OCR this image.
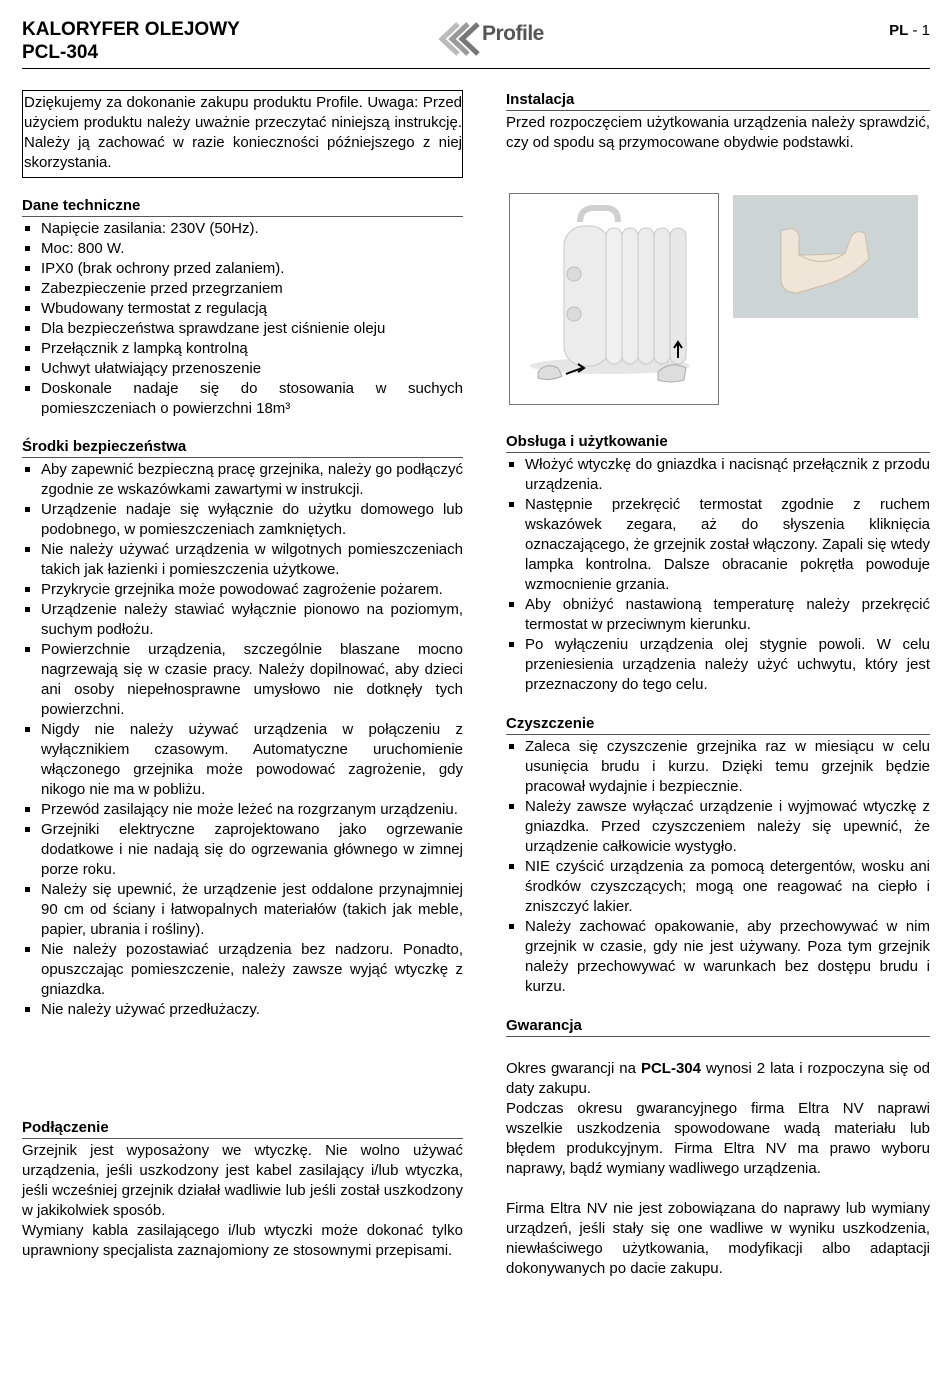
KALORYFER OLEJOWY
PCL-304
Profile	PL - 1

Dziękujemy za dokonanie zakupu produktu Profile. Uwaga: Przed użyciem produktu należy uważnie przeczytać niniejszą instrukcję. Należy ją zachować w razie konieczności późniejszego z niej skorzystania.

Dane techniczne
Napięcie zasilania: 230V (50Hz).
Moc: 800 W.
IPX0 (brak ochrony przed zalaniem).
Zabezpieczenie przed przegrzaniem
Wbudowany termostat z regulacją
Dla bezpieczeństwa sprawdzane jest ciśnienie oleju
Przełącznik z lampką kontrolną
Uchwyt ułatwiający przenoszenie
Doskonale nadaje się do stosowania w suchych pomieszczeniach o powierzchni 18m³
Środki bezpieczeństwa
Aby zapewnić bezpieczną pracę grzejnika, należy go podłączyć zgodnie ze wskazówkami zawartymi w instrukcji.
Urządzenie nadaje się wyłącznie do użytku domowego lub podobnego, w pomieszczeniach zamkniętych.
Nie należy używać urządzenia w wilgotnych pomieszczeniach takich jak łazienki i pomieszczenia użytkowe.
Przykrycie grzejnika może powodować zagrożenie pożarem.
Urządzenie należy stawiać wyłącznie pionowo na poziomym, suchym podłożu.
Powierzchnie urządzenia, szczególnie blaszane mocno nagrzewają się w czasie pracy. Należy dopilnować, aby dzieci ani osoby niepełnosprawne umysłowo nie dotknęły tych powierzchni.
Nigdy nie należy używać urządzenia w połączeniu z wyłącznikiem czasowym. Automatyczne uruchomienie włączonego grzejnika może powodować zagrożenie, gdy nikogo nie ma w pobliżu.
Przewód zasilający nie może leżeć na rozgrzanym urządzeniu.
Grzejniki elektryczne zaprojektowano jako ogrzewanie dodatkowe i nie nadają się do ogrzewania głównego w zimnej porze roku.
Należy się upewnić, że urządzenie jest oddalone przynajmniej 90 cm od ściany i łatwopalnych materiałów (takich jak meble, papier, ubrania i rośliny).
Nie należy pozostawiać urządzenia bez nadzoru. Ponadto, opuszczając pomieszczenie, należy zawsze wyjąć wtyczkę z gniazdka.
Nie należy używać przedłużaczy.
Podłączenie

Grzejnik jest wyposażony we wtyczkę. Nie wolno używać urządzenia, jeśli uszkodzony jest kabel zasilający i/lub wtyczka, jeśli wcześniej grzejnik działał wadliwie lub jeśli został uszkodzony w jakikolwiek sposób.

Wymiany kabla zasilającego i/lub wtyczki może dokonać tylko uprawniony specjalista zaznajomiony ze stosownymi przepisami.

Instalacja

Przed rozpoczęciem użytkowania urządzenia należy sprawdzić, czy od spodu są przymocowane obydwie podstawki.

Obsługa i użytkowanie
Włożyć wtyczkę do gniazdka i nacisnąć przełącznik z przodu urządzenia.
Następnie przekręcić termostat zgodnie z ruchem wskazówek zegara, aż do słyszenia kliknięcia oznaczającego, że grzejnik został włączony. Zapali się wtedy lampka kontrolna. Dalsze obracanie pokrętła powoduje wzmocnienie grzania.
Aby obniżyć nastawioną temperaturę należy przekręcić termostat w przeciwnym kierunku.
Po wyłączeniu urządzenia olej stygnie powoli. W celu przeniesienia urządzenia należy użyć uchwytu, który jest przeznaczony do tego celu.
Czyszczenie
Zaleca się czyszczenie grzejnika raz w miesiącu w celu usunięcia brudu i kurzu. Dzięki temu grzejnik będzie pracował wydajnie i bezpiecznie.
Należy zawsze wyłączać urządzenie i wyjmować wtyczkę z gniazdka. Przed czyszczeniem należy się upewnić, że urządzenie całkowicie wystygło.
NIE czyścić urządzenia za pomocą detergentów, wosku ani środków czyszczących; mogą one reagować na ciepło i zniszczyć lakier.
Należy zachować opakowanie, aby przechowywać w nim grzejnik w czasie, gdy nie jest używany. Poza tym grzejnik należy przechowywać w warunkach bez dostępu brudu i kurzu.
Gwarancja

Okres gwarancji na PCL-304 wynosi 2 lata i rozpoczyna się od daty zakupu.

Podczas okresu gwarancyjnego firma Eltra NV naprawi wszelkie uszkodzenia spowodowane wadą materiału lub błędem produkcyjnym. Firma Eltra NV ma prawo wyboru naprawy, bądź wymiany wadliwego urządzenia.

Firma Eltra NV nie jest zobowiązana do naprawy lub wymiany urządzeń, jeśli stały się one wadliwe w wyniku uszkodzenia, niewłaściwego użytkowania, modyfikacji albo adaptacji dokonywanych po dacie zakupu.
